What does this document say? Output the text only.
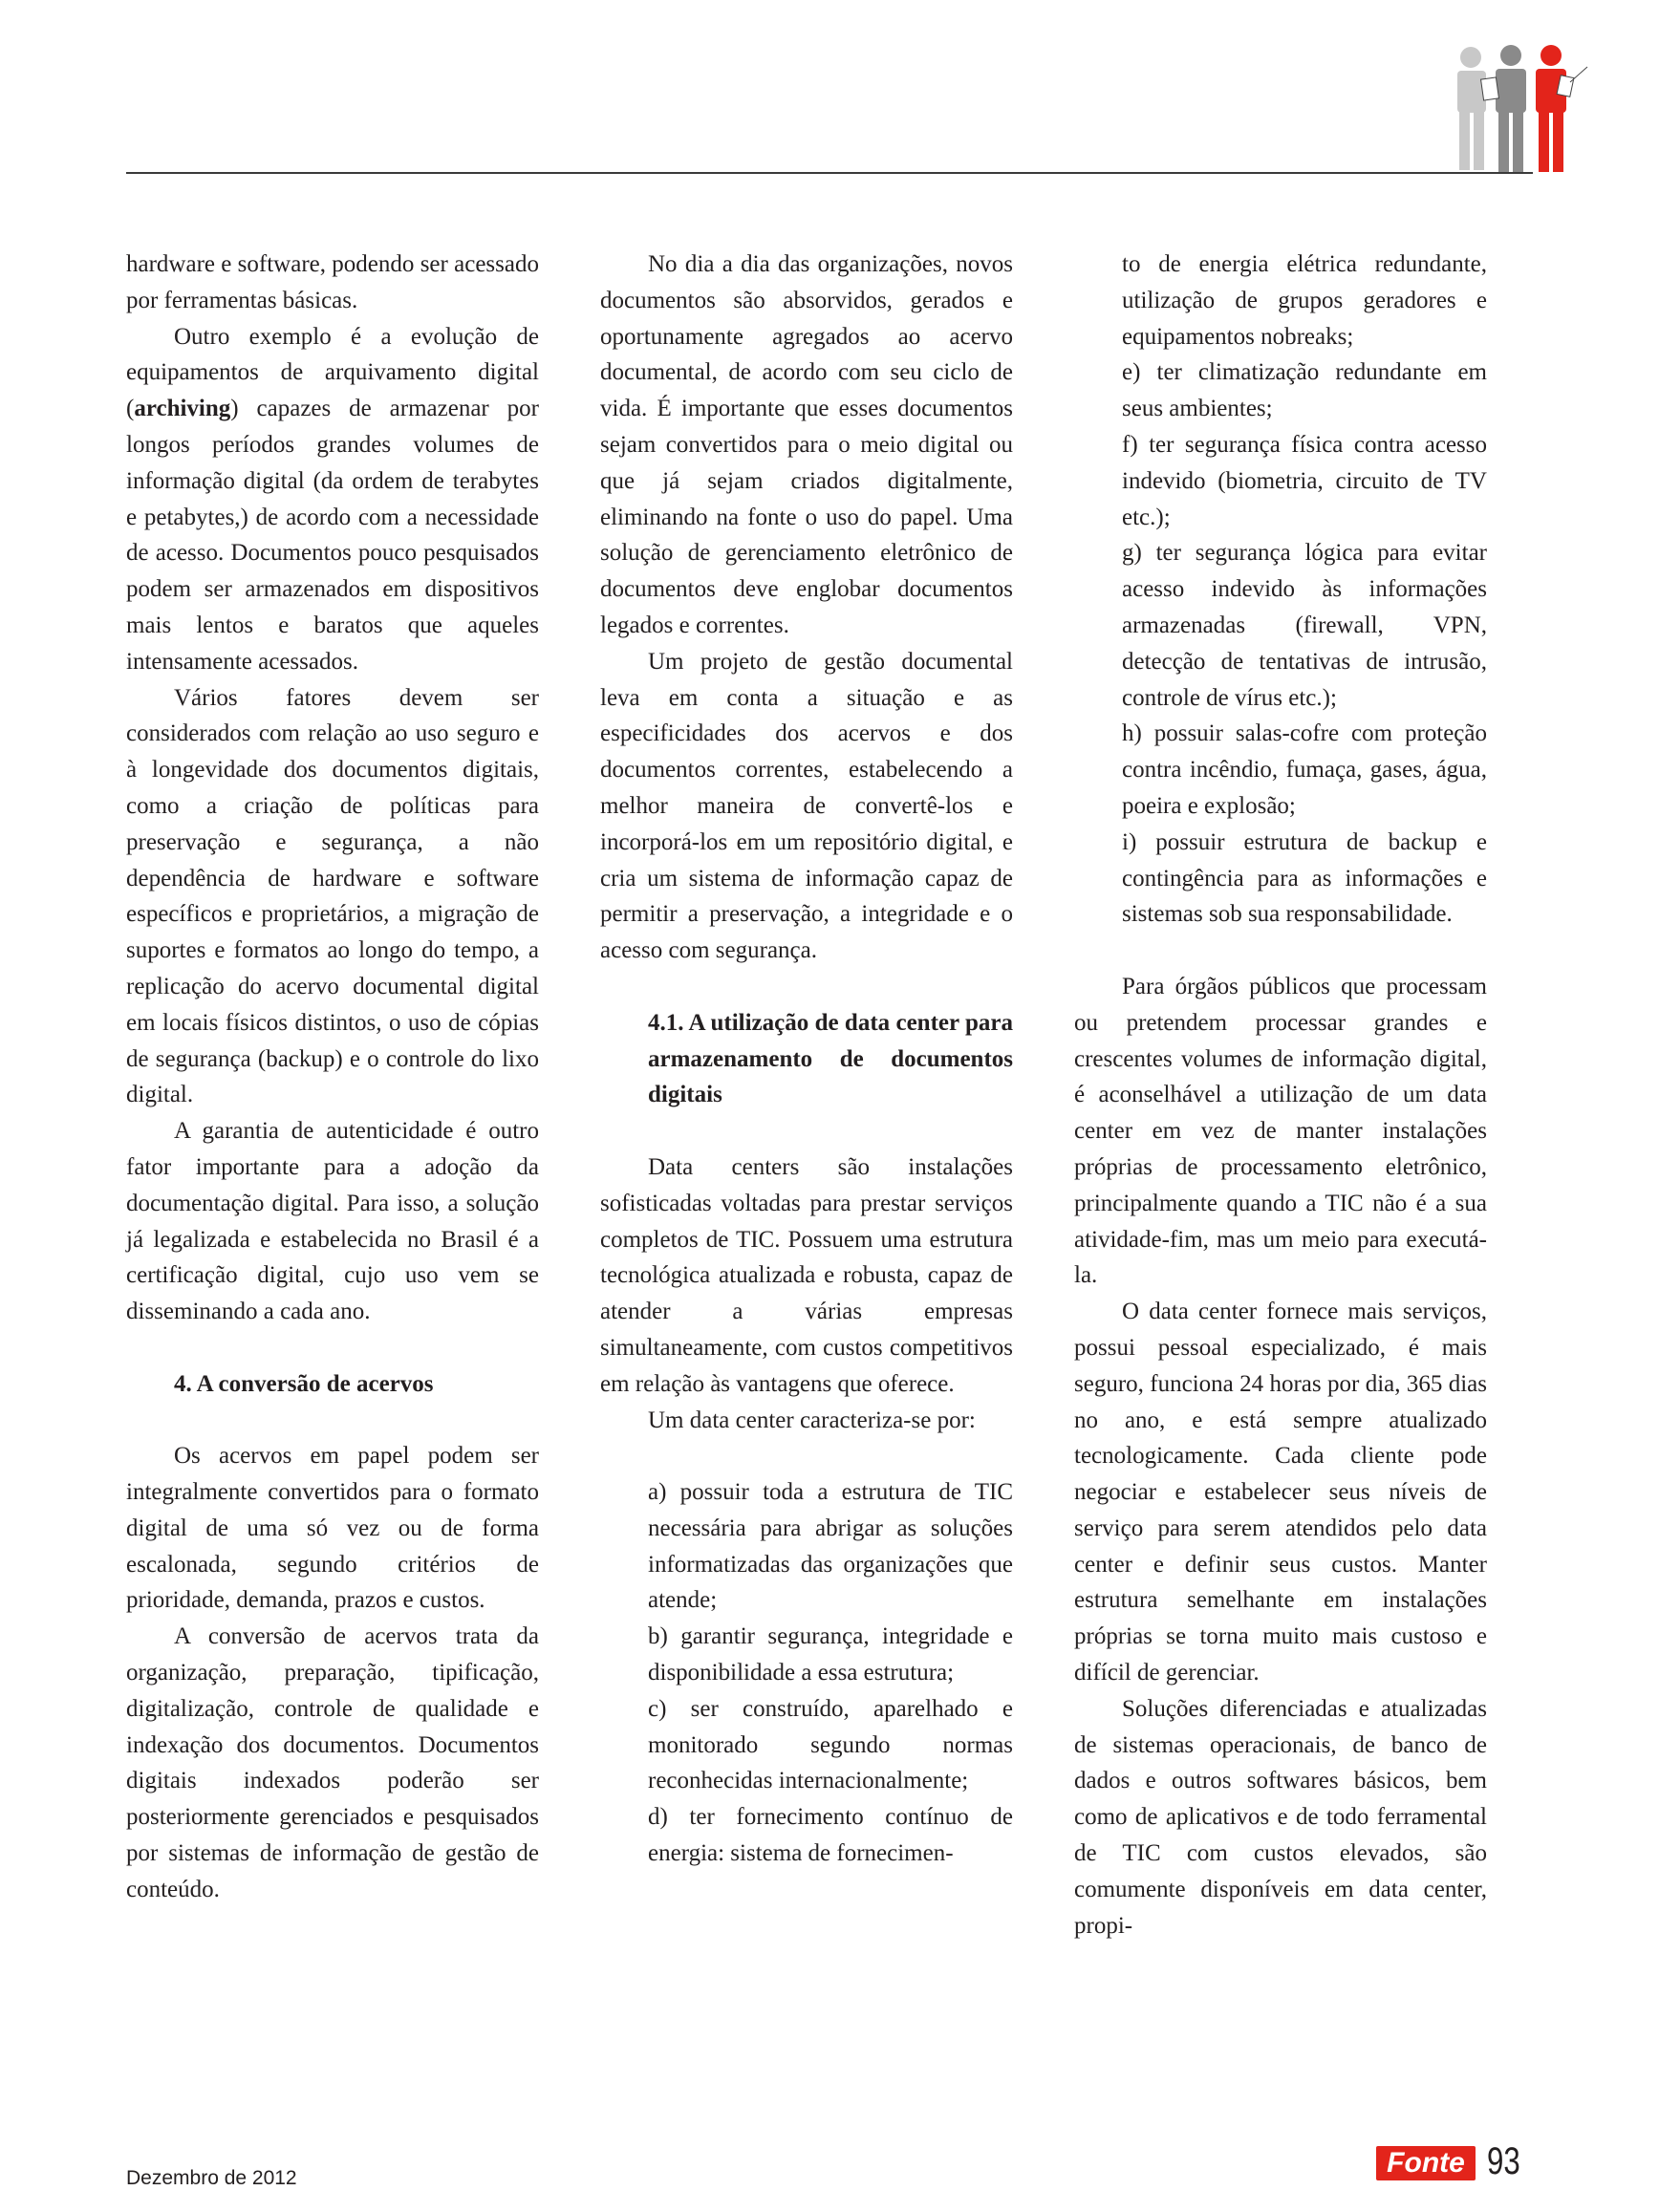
hardware e software, podendo ser acessado por ferramentas básicas.

Outro exemplo é a evolução de equipamentos de arquivamento digital (archiving) capazes de armazenar por longos períodos grandes volumes de informação digital (da ordem de terabytes e petabytes,) de acordo com a necessidade de acesso. Documentos pouco pesquisados podem ser armazenados em dispositivos mais lentos e baratos que aqueles intensamente acessados.

Vários fatores devem ser considerados com relação ao uso seguro e à longevidade dos documentos digitais, como a criação de políticas para preservação e segurança, a não dependência de hardware e software específicos e proprietários, a migração de suportes e formatos ao longo do tempo, a replicação do acervo documental digital em locais físicos distintos, o uso de cópias de segurança (backup) e o controle do lixo digital.

A garantia de autenticidade é outro fator importante para a adoção da documentação digital. Para isso, a solução já legalizada e estabelecida no Brasil é a certificação digital, cujo uso vem se disseminando a cada ano.

4. A conversão de acervos

Os acervos em papel podem ser integralmente convertidos para o formato digital de uma só vez ou de forma escalonada, segundo critérios de prioridade, demanda, prazos e custos.

A conversão de acervos trata da organização, preparação, tipificação, digitalização, controle de qualidade e indexação dos documentos. Documentos digitais indexados poderão ser posteriormente gerenciados e pesquisados por sistemas de informação de gestão de conteúdo.

No dia a dia das organizações, novos documentos são absorvidos, gerados e oportunamente agregados ao acervo documental, de acordo com seu ciclo de vida. É importante que esses documentos sejam convertidos para o meio digital ou que já sejam criados digitalmente, eliminando na fonte o uso do papel. Uma solução de gerenciamento eletrônico de documentos deve englobar documentos legados e correntes.

Um projeto de gestão documental leva em conta a situação e as especificidades dos acervos e dos documentos correntes, estabelecendo a melhor maneira de convertê-los e incorporá-los em um repositório digital, e cria um sistema de informação capaz de permitir a preservação, a integridade e o acesso com segurança.

4.1. A utilização de data center para armazenamento de documentos digitais

Data centers são instalações sofisticadas voltadas para prestar serviços completos de TIC. Possuem uma estrutura tecnológica atualizada e robusta, capaz de atender a várias empresas simultaneamente, com custos competitivos em relação às vantagens que oferece.

Um data center caracteriza-se por:

a) possuir toda a estrutura de TIC necessária para abrigar as soluções informatizadas das organizações que atende;

b) garantir segurança, integridade e disponibilidade a essa estrutura;

c) ser construído, aparelhado e monitorado segundo normas reconhecidas internacionalmente;

d) ter fornecimento contínuo de energia: sistema de fornecimen-

to de energia elétrica redundante, utilização de grupos geradores e equipamentos nobreaks;

e) ter climatização redundante em seus ambientes;

f) ter segurança física contra acesso indevido (biometria, circuito de TV etc.);

g) ter segurança lógica para evitar acesso indevido às informações armazenadas (firewall, VPN, detecção de tentativas de intrusão, controle de vírus etc.);

h) possuir salas-cofre com proteção contra incêndio, fumaça, gases, água, poeira e explosão;

i) possuir estrutura de backup e contingência para as informações e sistemas sob sua responsabilidade.

Para órgãos públicos que processam ou pretendem processar grandes e crescentes volumes de informação digital, é aconselhável a utilização de um data center em vez de manter instalações próprias de processamento eletrônico, principalmente quando a TIC não é a sua atividade-fim, mas um meio para executá-la.

O data center fornece mais serviços, possui pessoal especializado, é mais seguro, funciona 24 horas por dia, 365 dias no ano, e está sempre atualizado tecnologicamente. Cada cliente pode negociar e estabelecer seus níveis de serviço para serem atendidos pelo data center e definir seus custos. Manter estrutura semelhante em instalações próprias se torna muito mais custoso e difícil de gerenciar.

Soluções diferenciadas e atualizadas de sistemas operacionais, de banco de dados e outros softwares básicos, bem como de aplicativos e de todo ferramental de TIC com custos elevados, são comumente disponíveis em data center, propi-

Dezembro de 2012	Fonte 93
